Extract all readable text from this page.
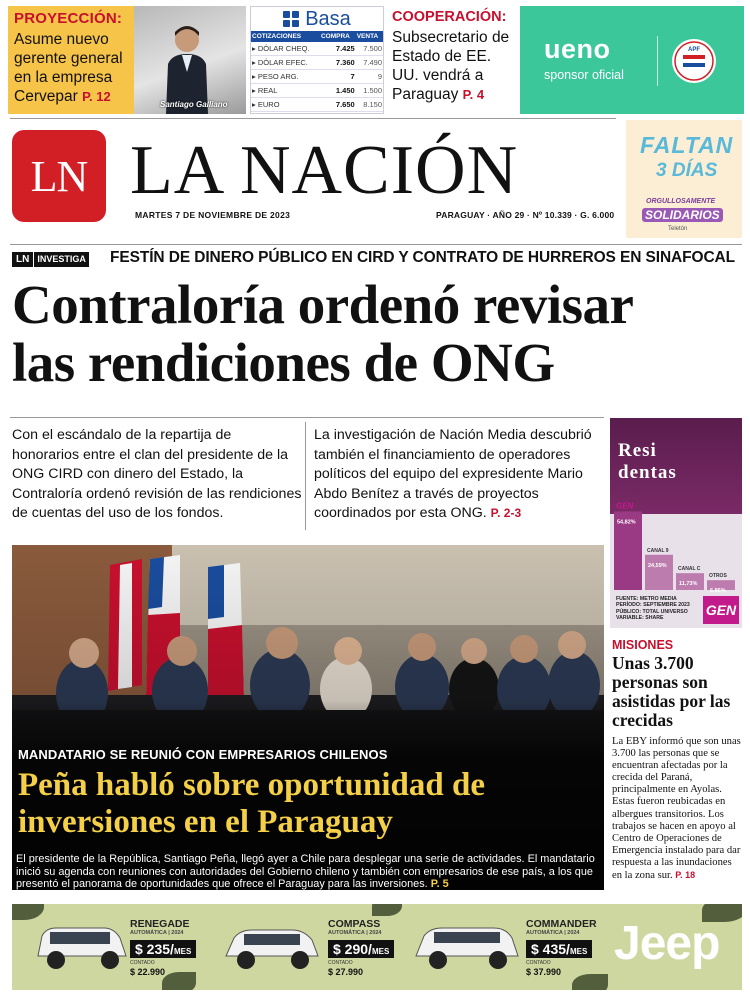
PROYECCIÓN:
Asume nuevo gerente general en la empresa Cervepar P. 12
Santiago Galliano
Basa
COTIZACIONES	COMPRA	VENTA
▸ DÓLAR CHEQ.	7.425	7.500
▸ DÓLAR EFEC.	7.360	7.490
▸ PESO ARG.	7	9
▸ REAL	1.450	1.500
▸ EURO	7.650	8.150
COOPERACIÓN:
Subsecretario de Estado de EE. UU. vendrá a Paraguay P. 4
ueno
sponsor oficial
APF
LN LA NACIÓN
MARTES 7 DE NOVIEMBRE DE 2023	PARAGUAY · AÑO 29 · Nº 10.339 · G. 6.000
FALTAN
3 DÍAS
ORGULLOSAMENTE
SOLIDARIOS
Teletón
LN INVESTIGA FESTÍN DE DINERO PÚBLICO EN CIRD Y CONTRATO DE HURREROS EN SINAFOCAL
Contraloría ordenó revisar
las rendiciones de ONG
Con el escándalo de la repartija de honorarios entre el clan del presidente de la ONG CIRD con dinero del Estado, la Contraloría ordenó revisión de las rendiciones de cuentas del uso de los fondos.
La investigación de Nación Media descubrió también el financiamiento de operadores políticos del equipo del expresidente Mario Abdo Benítez a través de proyectos coordinados por esta ONG. P. 2-3
Resi
dentas
GEN
54,82%
CANAL 9
24,59%
CANAL C
11,73%
OTROS
6,86%
FUENTE: METRO MEDIA
PERÍODO: SEPTIEMBRE 2023
PÚBLICO: TOTAL UNIVERSO
VARIABLE: SHARE
GEN
MISIONES
Unas 3.700 personas son asistidas por las crecidas
La EBY informó que son unas 3.700 las personas que se encuentran afectadas por la crecida del Paraná, principalmente en Ayolas. Estas fueron reubicadas en albergues transitorios. Los trabajos se hacen en apoyo al Centro de Operaciones de Emergencia instalado para dar respuesta a las inundaciones en la zona sur. P. 18
MANDATARIO SE REUNIÓ CON EMPRESARIOS CHILENOS
Peña habló sobre oportunidad de inversiones en el Paraguay
El presidente de la República, Santiago Peña, llegó ayer a Chile para desplegar una serie de actividades. El mandatario inició su agenda con reuniones con autoridades del Gobierno chileno y también con empresarios de ese país, a los que presentó el panorama de oportunidades que ofrece el Paraguay para las inversiones. P. 5
RENEGADE
AUTOMÁTICA | 2024
$ 235/MES
CONTADO
$ 22.990
COMPASS
AUTOMÁTICA | 2024
$ 290/MES
CONTADO
$ 27.990
COMMANDER
AUTOMÁTICA | 2024
$ 435/MES
CONTADO
$ 37.990
Jeep
